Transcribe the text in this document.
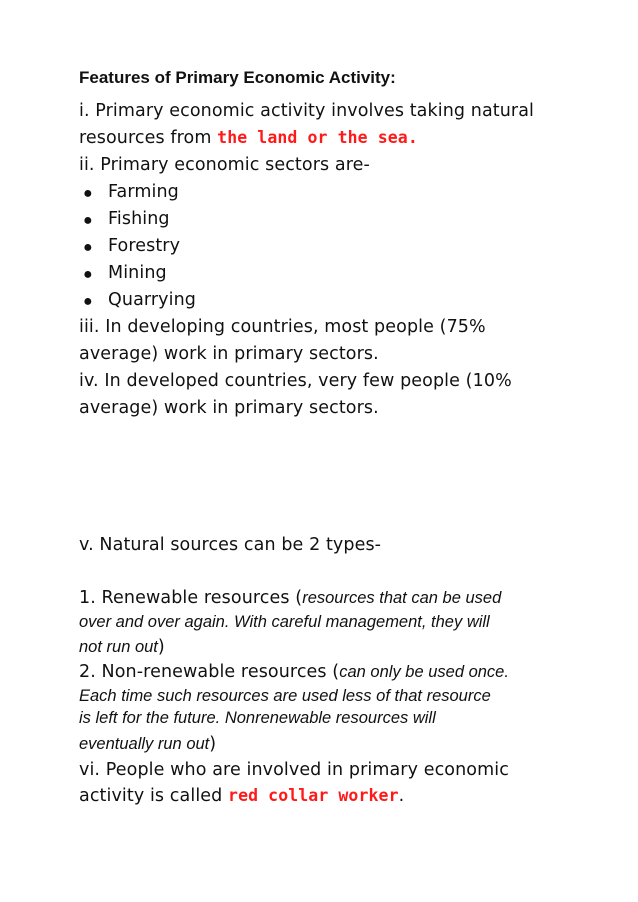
Features of Primary Economic Activity:
i. Primary economic activity involves taking natural
resources from the land or the sea.
ii. Primary economic sectors are-
● Farming
● Fishing
● Forestry
● Mining
● Quarrying
iii. In developing countries, most people (75%
average) work in primary sectors.
iv. In developed countries, very few people (10%
average) work in primary sectors.
v. Natural sources can be 2 types-
1. Renewable resources (resources that can be used
over and over again. With careful management, they will
not run out)
2. Non-renewable resources (can only be used once.
Each time such resources are used less of that resource
is left for the future. Nonrenewable resources will
eventually run out)
vi. People who are involved in primary economic
activity is called red collar worker.
